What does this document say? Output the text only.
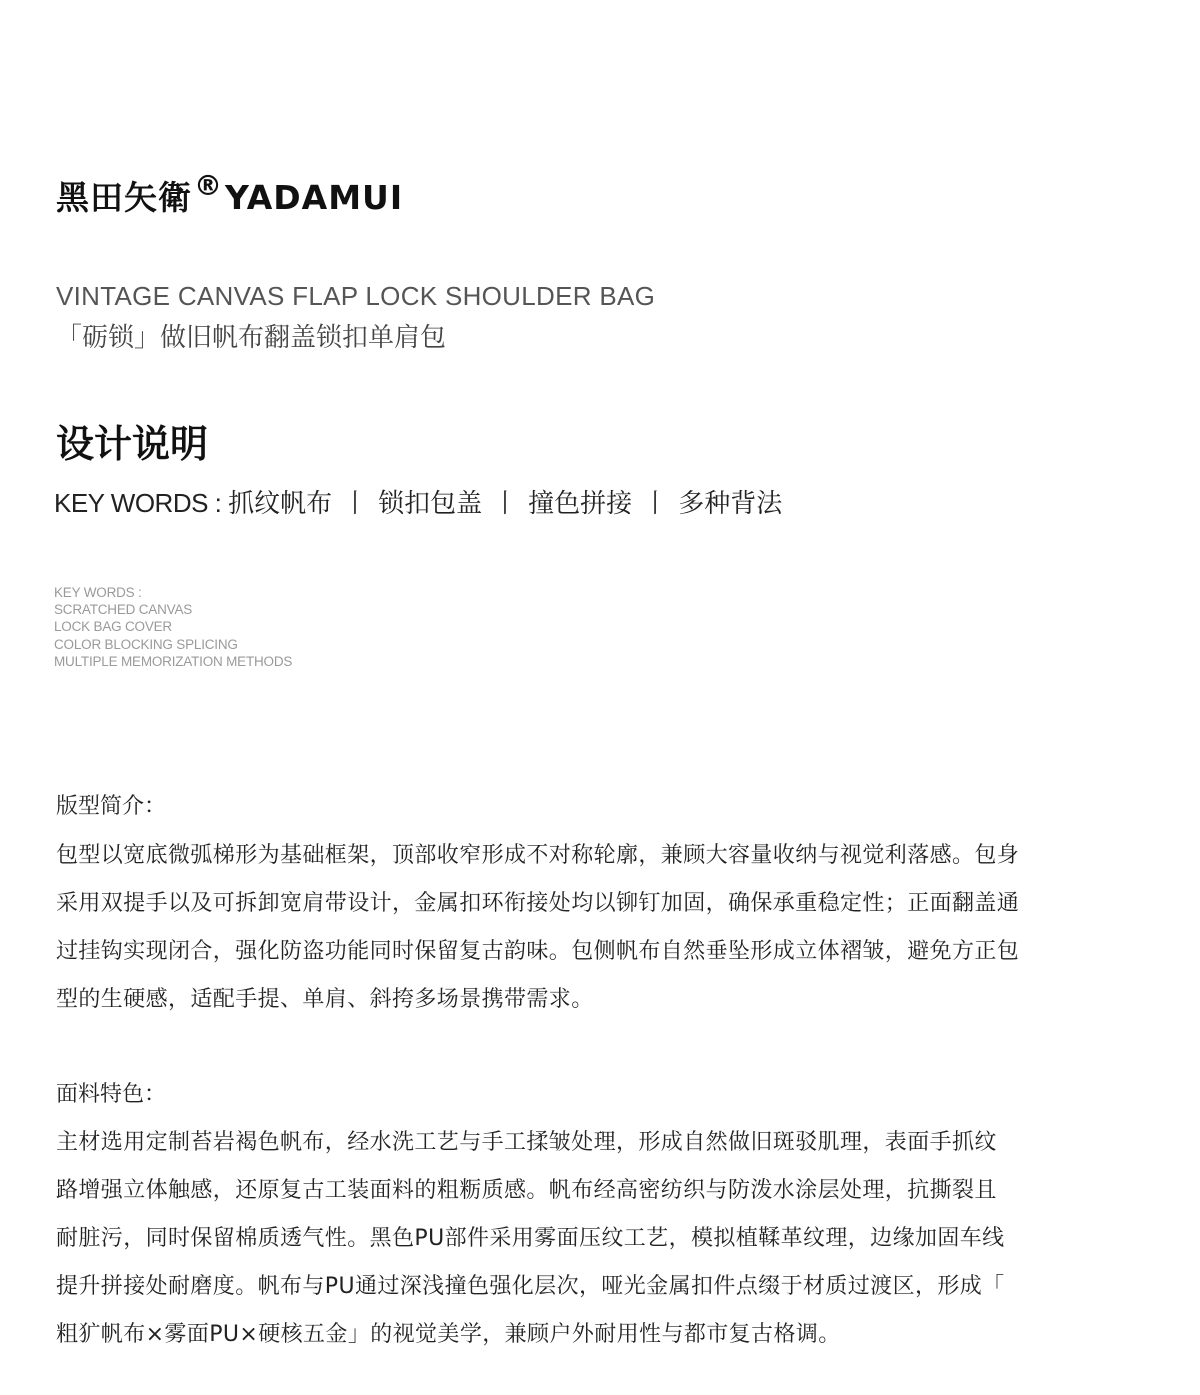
黑田矢衛®YADAMUI
VINTAGE CANVAS FLAP LOCK SHOULDER BAG
「砺锁」做旧帆布翻盖锁扣单肩包
设计说明
KEY WORDS : 抓纹帆布 丨 锁扣包盖 丨 撞色拼接 丨 多种背法
KEY WORDS :
SCRATCHED CANVAS
LOCK BAG COVER
COLOR BLOCKING SPLICING
MULTIPLE MEMORIZATION METHODS
版型简介：
包型以宽底微弧梯形为基础框架，顶部收窄形成不对称轮廓，兼顾大容量收纳与视觉利落感。包身
采用双提手以及可拆卸宽肩带设计，金属扣环衔接处均以铆钉加固，确保承重稳定性；正面翻盖通
过挂钩实现闭合，强化防盗功能同时保留复古韵味。包侧帆布自然垂坠形成立体褶皱，避免方正包
型的生硬感，适配手提、单肩、斜挎多场景携带需求。
面料特色：
主材选用定制苔岩褐色帆布，经水洗工艺与手工揉皱处理，形成自然做旧斑驳肌理，表面手抓纹
路增强立体触感，还原复古工装面料的粗粝质感。帆布经高密纺织与防泼水涂层处理，抗撕裂且
耐脏污，同时保留棉质透气性。黑色PU部件采用雾面压纹工艺，模拟植鞣革纹理，边缘加固车线
提升拼接处耐磨度。帆布与PU通过深浅撞色强化层次，哑光金属扣件点缀于材质过渡区，形成「
粗犷帆布×雾面PU×硬核五金」的视觉美学，兼顾户外耐用性与都市复古格调。
